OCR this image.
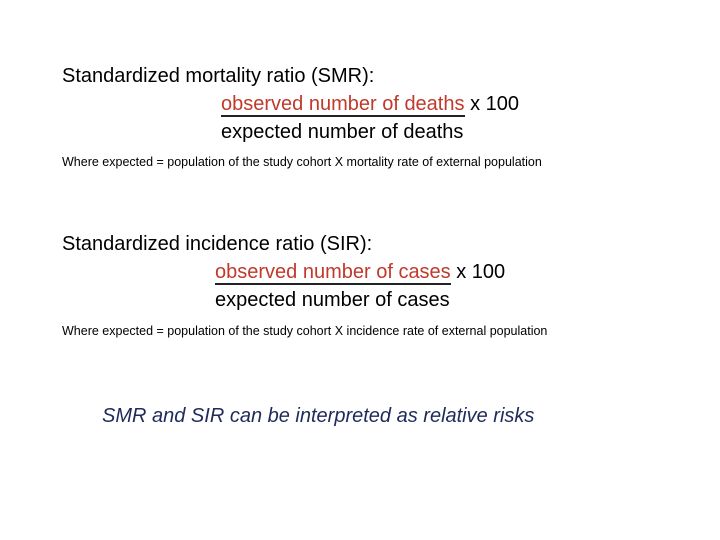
Standardized mortality ratio (SMR):

observed number of deaths x 100

expected number of deaths

Where expected = population of the study cohort X mortality rate of external population

Standardized incidence ratio (SIR):

observed number of cases x 100

expected number of cases

Where expected = population of the study cohort X incidence rate of external population

SMR and SIR can be interpreted as relative risks
